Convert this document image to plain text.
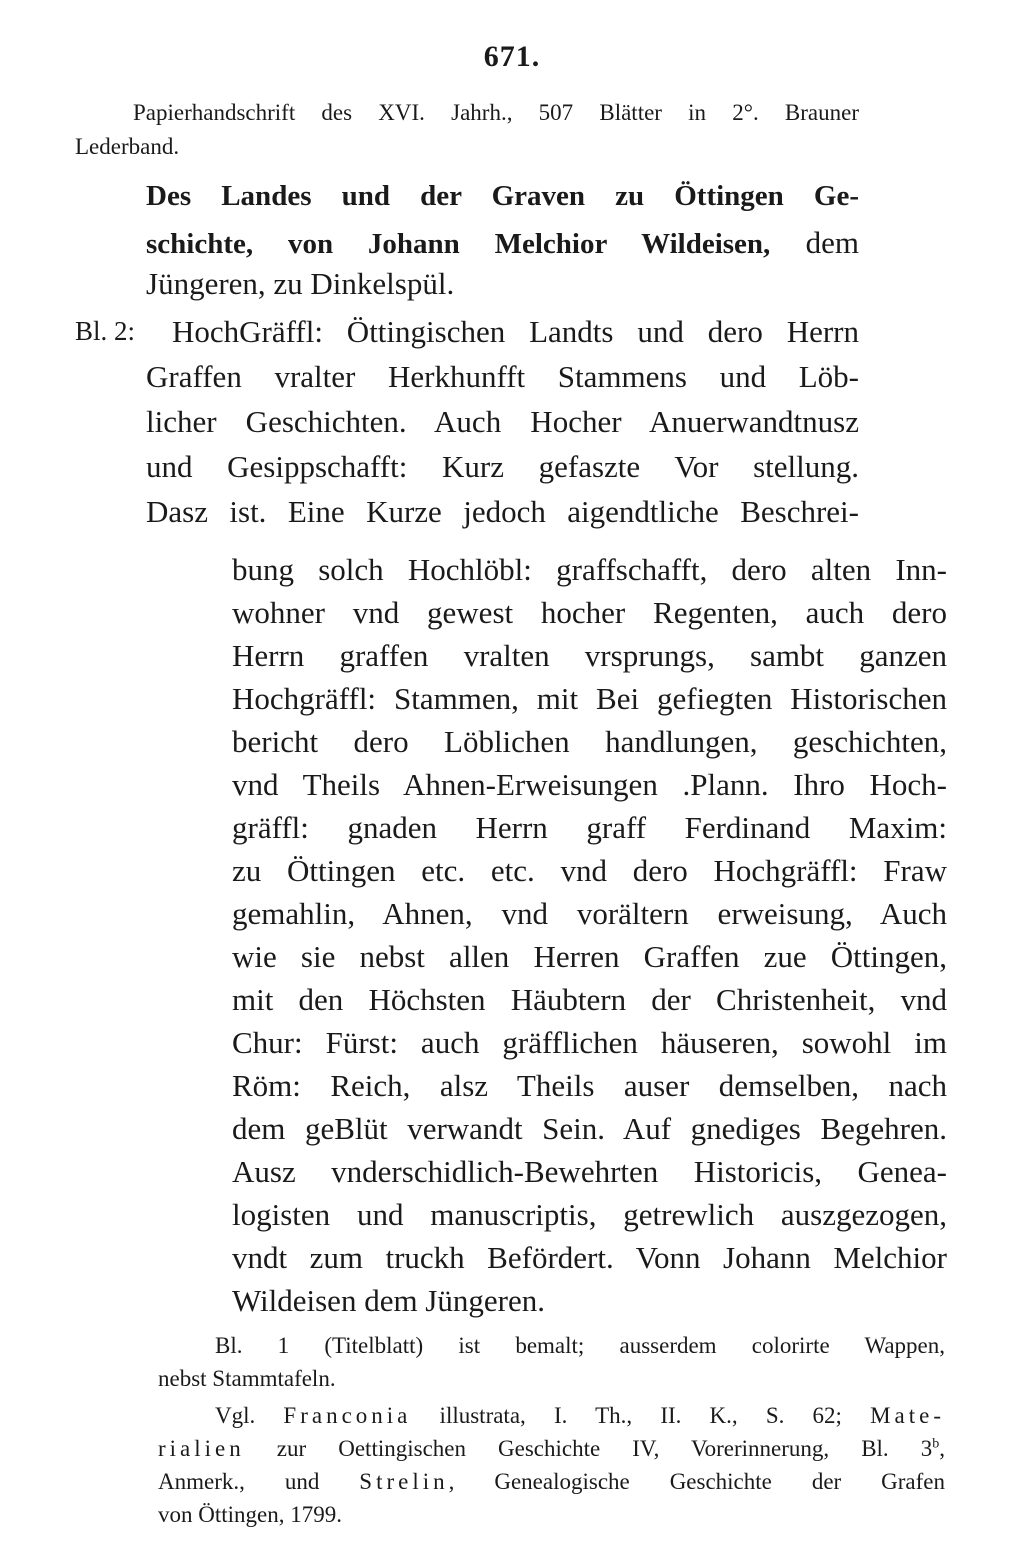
671.

Papierhandschrift des XVI. Jahrh., 507 Blätter in 2°. Brauner

Lederband.

Des Landes und der Graven zu Öttingen Ge-

schichte, von Johann Melchior Wildeisen, dem

Jüngeren, zu Dinkelspül.

Bl. 2: HochGräffl: Öttingischen Landts und dero Herrn

Graffen vralter Herkhunfft Stammens und Löb-

licher Geschichten. Auch Hocher Anuerwandtnusz

und Gesippschafft: Kurz gefaszte Vor stellung.

Dasz ist. Eine Kurze jedoch aigendtliche Beschrei-

bung solch Hochlöbl: graffschafft, dero alten Inn-

wohner vnd gewest hocher Regenten, auch dero

Herrn graffen vralten vrsprungs, sambt ganzen

Hochgräffl: Stammen, mit Bei gefiegten Historischen

bericht dero Löblichen handlungen, geschichten,

vnd Theils Ahnen-Erweisungen .Plann. Ihro Hoch-

gräffl: gnaden Herrn graff Ferdinand Maxim:

zu Öttingen etc. etc. vnd dero Hochgräffl: Fraw

gemahlin, Ahnen, vnd vorältern erweisung, Auch

wie sie nebst allen Herren Graffen zue Öttingen,

mit den Höchsten Häubtern der Christenheit, vnd

Chur: Fürst: auch gräfflichen häuseren, sowohl im

Röm: Reich, alsz Theils auser demselben, nach

dem geBlüt verwandt Sein. Auf gnediges Begehren.

Ausz vnderschidlich-Bewehrten Historicis, Genea-

logisten und manuscriptis, getrewlich auszgezogen,

vndt zum truckh Befördert. Vonn Johann Melchior

Wildeisen dem Jüngeren.

Bl. 1 (Titelblatt) ist bemalt; ausserdem colorirte Wappen,

nebst Stammtafeln.

Vgl. Franconia illustrata, I. Th., II. K., S. 62; Mate-

rialien zur Oettingischen Geschichte IV, Vorerinnerung, Bl. 3$^b$,

Anmerk., und Strelin, Genealogische Geschichte der Grafen

von Öttingen, 1799.
